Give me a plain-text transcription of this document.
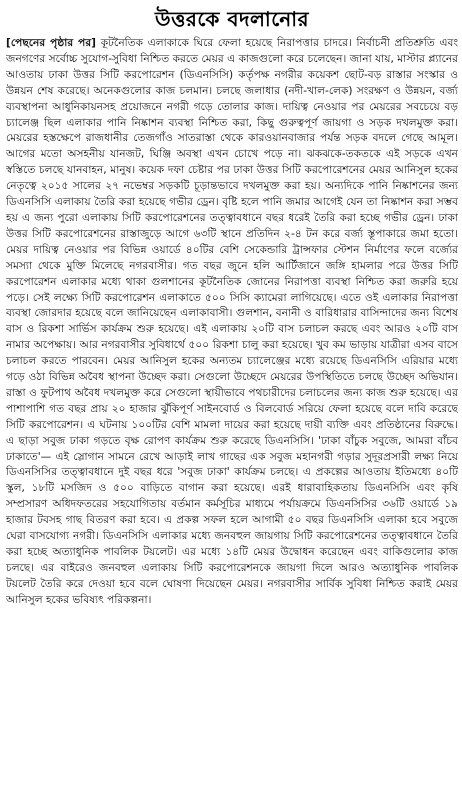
উত্তরকে বদলানোর

[পেছনের পৃষ্ঠার পর] কূটনৈতিক এলাকাকে ঘিরে ফেলা হয়েছে নিরাপত্তার চাদরে। নির্বাচনী প্রতিশ্রুতি এবং জনগণের সর্বোচ্চ সুযোগ-সুবিধা নিশ্চিত করতে মেয়র এ কাজগুলো করে চলেছেন। জানা যায়, মাস্টার প্ল্যানের আওতায় ঢাকা উত্তর সিটি করপোরেশন (ডিএনসিসি) কর্তৃপক্ষ নগরীর কয়েকশ ছোট-বড় রাস্তার সংস্কার ও উন্নয়ন শেষ করেছে। অনেকগুলোর কাজ চলমান। চলছে জলাধার (নদী-খাল-লেক) সংরক্ষণ ও উন্নয়ন, বর্জ্য ব্যবস্থাপনা আধুনিকায়নসহ প্রয়োজনে নগরী গড়ে তোলার কাজ। দায়িত্ব নেওয়ার পর মেয়রের সবচেয়ে বড় চ্যালেঞ্জ ছিল এলাকার পানি নিষ্কাশন ব্যবস্থা নিশ্চিত করা, কিছু গুরুত্বপূর্ণ জায়গা ও সড়ক দখলমুক্ত করা। মেয়রের হস্তক্ষেপে রাজধানীর তেজগাঁও সাতরাস্তা থেকে কারওয়ানবাজার পর্যন্ত সড়ক বদলে গেছে আমূল। আগের মতো অসহনীয় যানজট, ঘিঞ্জি অবস্থা এখন চোখে পড়ে না। ঝকঝকে-তকতকে এই সড়কে এখন স্বস্তিতে চলছে যানবাহন, মানুষ। কয়েক দফা চেষ্টার পর ঢাকা উত্তর সিটি করপোরেশনের মেয়র আনিসুল হকের নেতৃত্বে ২০১৫ সালের ২৭ নভেম্বর সড়কটি চূড়ান্তভাবে দখলমুক্ত করা হয়। অন্যদিকে পানি নিষ্কাশনের জন্য ডিএনসিসি এলাকায় তৈরি করা হয়েছে গভীর ড্রেন। বৃষ্টি হলে পানি জমার আগেই যেন তা নিষ্কাশন করা সম্ভব হয় এ জন্য পুরো এলাকায় সিটি করপোরেশনের তত্ত্বাবধানে বছর ধরেই তৈরি করা হচ্ছে গভীর ড্রেন। ঢাকা উত্তর সিটি করপোরেশনের রাস্তাজুড়ে আগে ৬৩টি স্থানে প্রতিদিন ২-৪ টন করে বর্জ্য স্তূপাকারে জমা হতো। মেয়র দায়িত্ব নেওয়ার পর বিভিন্ন ওয়ার্ডে ৪০টির বেশি সেকেন্ডারি ট্রান্সফার স্টেশন নির্মাণের ফলে বর্জ্যের সমস্যা থেকে মুক্তি মিলেছে নগরবাসীর। গত বছর জুনে হলি আর্টিজানে জঙ্গি হামলার পরে উত্তর সিটি করপোরেশন এলাকার মধ্যে থাকা গুলশানের কূটনৈতিক জোনের নিরাপত্তা ব্যবস্থা নিশ্চিত করা জরুরি হয়ে পড়ে। সেই লক্ষ্যে সিটি করপোরেশন এলাকাতে ৫০০ সিসি ক্যামেরা লাগিয়েছে। এতে ওই এলাকার নিরাপত্তা ব্যবস্থা জোরদার হয়েছে বলে জানিয়েছেন এলাকাবাসী। গুলশান, বনানী ও বারিধারার বাসিন্দাদের জন্য বিশেষ বাস ও রিকশা সার্ভিস কার্যক্রম শুরু হয়েছে। এই এলাকায় ২০টি বাস চলাচল করছে এবং আরও ২০টি বাস নামার অপেক্ষায়। আর নগরবাসীর সুবিধার্থে ৫০০ রিকশা চালু করা হয়েছে। খুব কম ভাড়ায় যাত্রীরা এসব বাসে চলাচল করতে পারবেন। মেয়র আনিসুল হকের অন্যতম চ্যালেঞ্জের মধ্যে রয়েছে ডিএনসিসি এরিয়ার মধ্যে গড়ে ওঠা বিভিন্ন অবৈধ স্থাপনা উচ্ছেদ করা। সেগুলো উচ্ছেদে মেয়রের উপস্থিতিতে চলছে উচ্ছেদ অভিযান। রাস্তা ও ফুটপাথ অবৈধ দখলমুক্ত করে সেগুলো স্থায়ীভাবে পথচারীদের চলাচলের জন্য কাজ শুরু হয়েছে। এর পাশাপাশি গত বছর প্রায় ২০ হাজার ঝুঁকিপূর্ণ সাইনবোর্ড ও বিলবোর্ড সরিয়ে ফেলা হয়েছে বলে দাবি করেছে সিটি করপোরেশন। এ ঘটনায় ১০০টির বেশি মামলা দায়ের করা হয়েছে দায়ী ব্যক্তি এবং প্রতিষ্ঠানের বিরুদ্ধে। এ ছাড়া সবুজ ঢাকা গড়তে বৃক্ষ রোপণ কার্যক্রম শুরু করেছে ডিএনসিসি। 'ঢাকা বাঁচুক সবুজে, আমরা বাঁচব ঢাকাতে'— এই স্লোগান সামনে রেখে আড়াই লাখ গাছের এক সবুজ মহানগরী গড়ার সুদূরপ্রসারী লক্ষ্য নিয়ে ডিএনসিসির তত্ত্বাবধানে দুই বছর ধরে 'সবুজ ঢাকা' কার্যক্রম চলছে। এ প্রকল্পের আওতায় ইতিমধ্যে ৪০টি স্কুল, ১৮টি মসজিদ ও ৫০০ বাড়িতে বাগান করা হয়েছে। এরই ধারাবাহিকতায় ডিএনসিসি এবং কৃষি সম্প্রসারণ অধিদফতরের সহযোগিতায় বর্তমান কর্মসূচির মাধ্যমে পর্যায়ক্রমে ডিএনসিসির ৩৬টি ওয়ার্ডে ১৯ হাজার টবসহ গাছ বিতরণ করা হবে। এ প্রকল্প সফল হলে আগামী ৫০ বছর ডিএনসিসি এলাকা হবে সবুজে ঘেরা বাসযোগ্য নগরী। ডিএনসিসি এলাকার মধ্যে জনবহুল জায়গায় সিটি করপোরেশনের তত্ত্বাবধানে তৈরি করা হচ্ছে অত্যাধুনিক পাবলিক টয়লেট। এর মধ্যে ১৪টি মেয়র উদ্বোধন করেছেন এবং বাকিগুলোর কাজ চলছে। এর বাইরেও জনবহুল এলাকায় সিটি করপোরেশনকে জায়গা দিলে আরও অত্যাধুনিক পাবলিক টয়লেট তৈরি করে দেওয়া হবে বলে ঘোষণা দিয়েছেন মেয়র। নগরবাসীর সার্বিক সুবিধা নিশ্চিত করাই মেয়র আনিসুল হকের ভবিষ্যৎ পরিকল্পনা।
